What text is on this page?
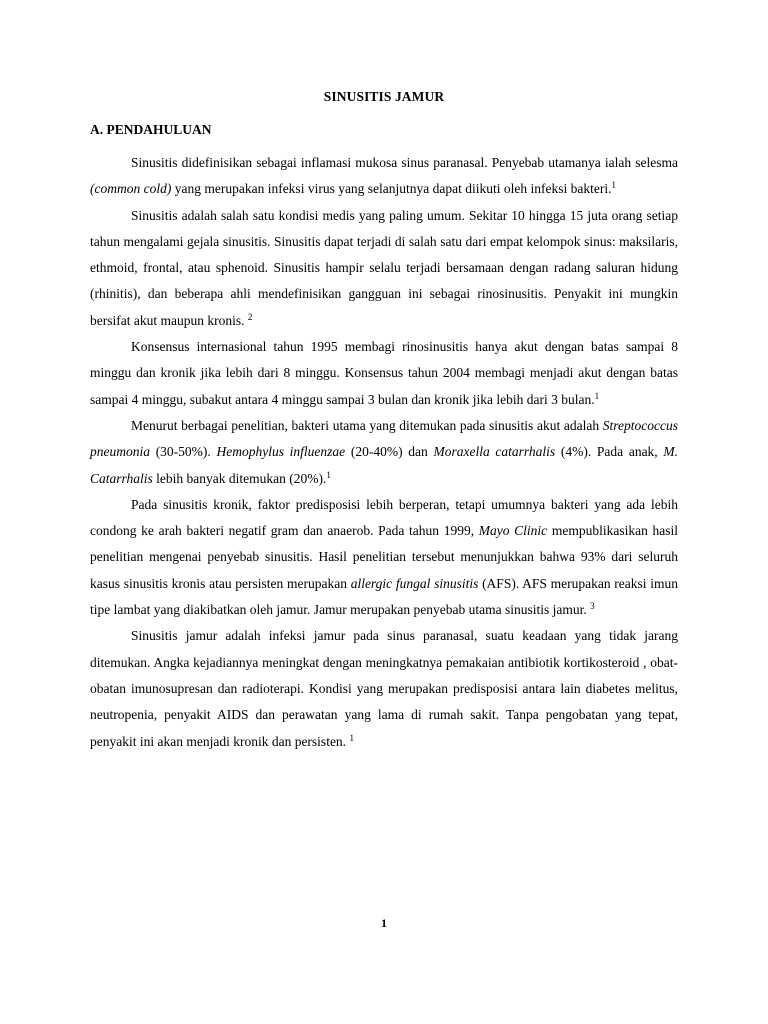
SINUSITIS JAMUR
A. PENDAHULUAN

Sinusitis didefinisikan sebagai inflamasi mukosa sinus paranasal. Penyebab utamanya ialah selesma (common cold) yang merupakan infeksi virus yang selanjutnya dapat diikuti oleh infeksi bakteri.$^1$

Sinusitis adalah salah satu kondisi medis yang paling umum. Sekitar 10 hingga 15 juta orang setiap tahun mengalami gejala sinusitis. Sinusitis dapat terjadi di salah satu dari empat kelompok sinus: maksilaris, ethmoid, frontal, atau sphenoid. Sinusitis hampir selalu terjadi bersamaan dengan radang saluran hidung (rhinitis), dan beberapa ahli mendefinisikan gangguan ini sebagai rinosinusitis. Penyakit ini mungkin bersifat akut maupun kronis. $^2$

Konsensus internasional tahun 1995 membagi rinosinusitis hanya akut dengan batas sampai 8 minggu dan kronik jika lebih dari 8 minggu. Konsensus tahun 2004 membagi menjadi akut dengan batas sampai 4 minggu, subakut antara 4 minggu sampai 3 bulan dan kronik jika lebih dari 3 bulan.$^1$

Menurut berbagai penelitian, bakteri utama yang ditemukan pada sinusitis akut adalah Streptococcus pneumonia (30-50%). Hemophylus influenzae (20-40%) dan Moraxella catarrhalis (4%). Pada anak, M. Catarrhalis lebih banyak ditemukan (20%).$^1$

Pada sinusitis kronik, faktor predisposisi lebih berperan, tetapi umumnya bakteri yang ada lebih condong ke arah bakteri negatif gram dan anaerob. Pada tahun 1999, Mayo Clinic mempublikasikan hasil penelitian mengenai penyebab sinusitis. Hasil penelitian tersebut menunjukkan bahwa 93% dari seluruh kasus sinusitis kronis atau persisten merupakan allergic fungal sinusitis (AFS). AFS merupakan reaksi imun tipe lambat yang diakibatkan oleh jamur. Jamur merupakan penyebab utama sinusitis jamur. $^3$

Sinusitis jamur adalah infeksi jamur pada sinus paranasal, suatu keadaan yang tidak jarang ditemukan. Angka kejadiannya meningkat dengan meningkatnya pemakaian antibiotik kortikosteroid , obat-obatan imunosupresan dan radioterapi. Kondisi yang merupakan predisposisi antara lain diabetes melitus, neutropenia, penyakit AIDS dan perawatan yang lama di rumah sakit. Tanpa pengobatan yang tepat, penyakit ini akan menjadi kronik dan persisten. $^1$

1
